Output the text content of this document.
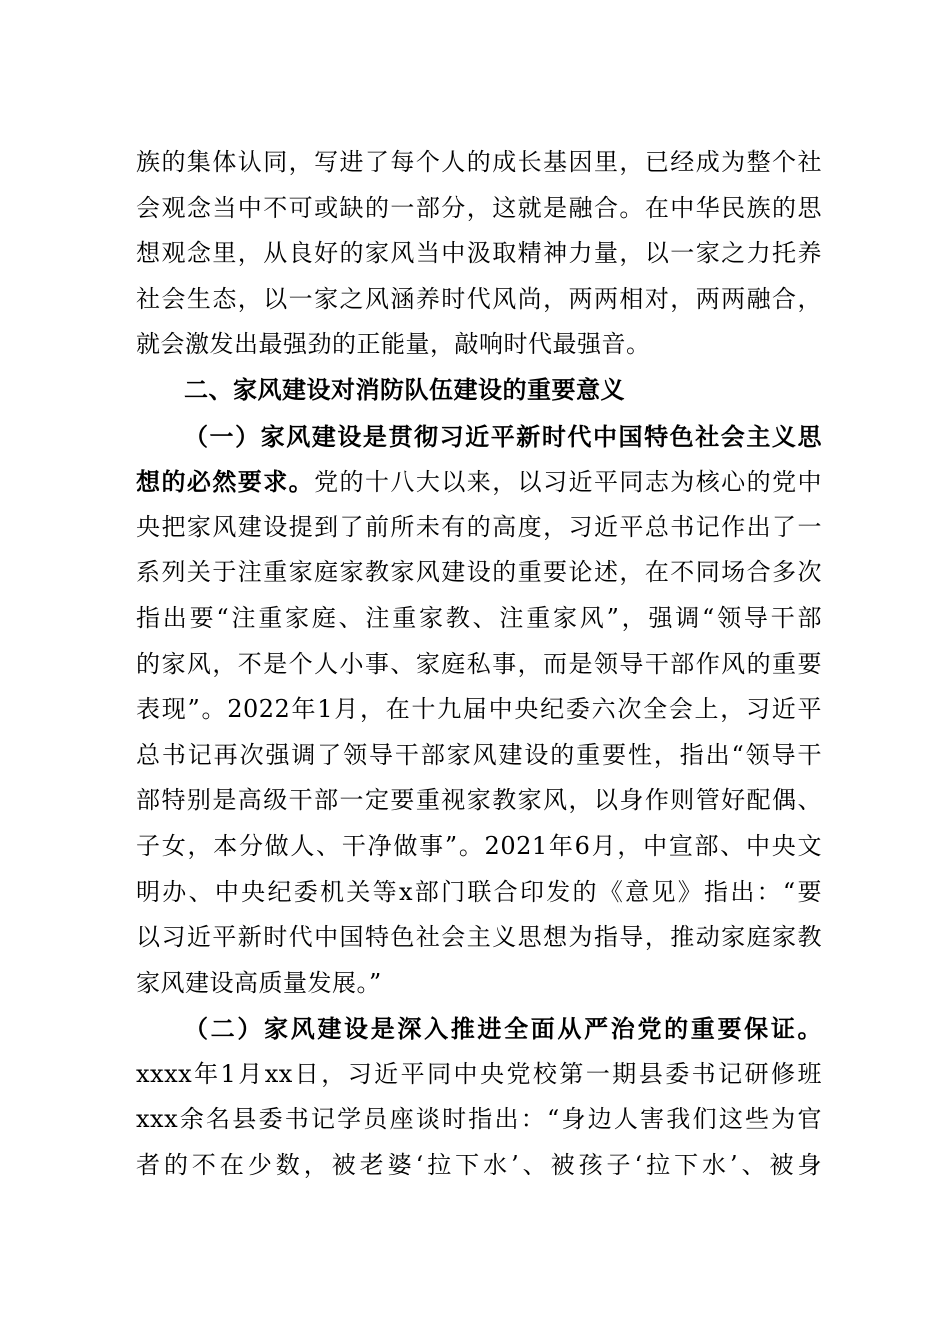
族的集体认同，写进了每个人的成长基因里，已经成为整个社
会观念当中不可或缺的一部分，这就是融合。在中华民族的思
想观念里，从良好的家风当中汲取精神力量，以一家之力托养
社会生态，以一家之风涵养时代风尚，两两相对，两两融合，
就会激发出最强劲的正能量，敲响时代最强音。
二、家风建设对消防队伍建设的重要意义
（一）家风建设是贯彻习近平新时代中国特色社会主义思
想的必然要求。党的十八大以来，以习近平同志为核心的党中
央把家风建设提到了前所未有的高度，习近平总书记作出了一
系列关于注重家庭家教家风建设的重要论述，在不同场合多次
指出要“注重家庭、注重家教、注重家风”，强调“领导干部
的家风，不是个人小事、家庭私事，而是领导干部作风的重要
表现”。2022年1月，在十九届中央纪委六次全会上，习近平
总书记再次强调了领导干部家风建设的重要性，指出“领导干
部特别是高级干部一定要重视家教家风，以身作则管好配偶、
子女，本分做人、干净做事”。2021年6月，中宣部、中央文
明办、中央纪委机关等x部门联合印发的《意见》指出：“要
以习近平新时代中国特色社会主义思想为指导，推动家庭家教
家风建设高质量发展。”
（二）家风建设是深入推进全面从严治党的重要保证。
xxxx年1月xx日，习近平同中央党校第一期县委书记研修班
xxx余名县委书记学员座谈时指出：“身边人害我们这些为官
者的不在少数，被老婆‘拉下水’、被孩子‘拉下水’、被身
